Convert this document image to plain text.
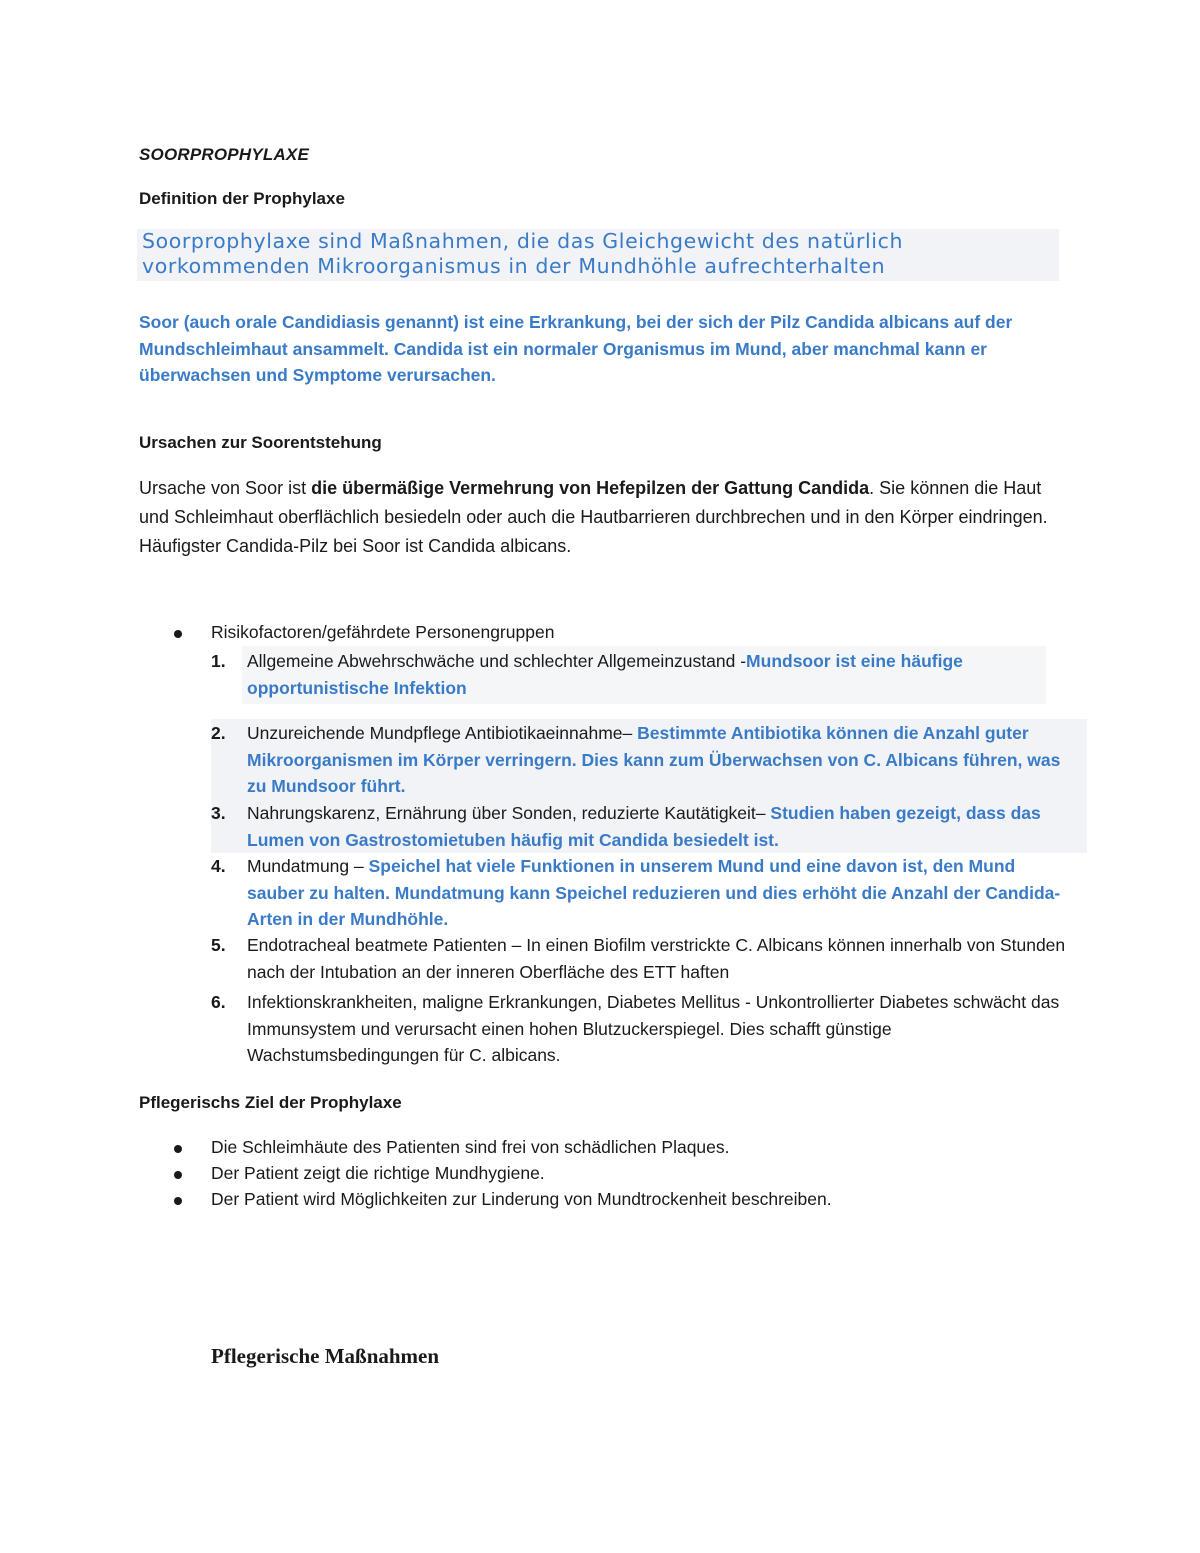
SOORPROPHYLAXE
Definition der Prophylaxe
Soorprophylaxe sind Maßnahmen, die das Gleichgewicht des natürlich vorkommenden Mikroorganismus in der Mundhöhle aufrechterhalten
Soor (auch orale Candidiasis genannt) ist eine Erkrankung, bei der sich der Pilz Candida albicans auf der Mundschleimhaut ansammelt. Candida ist ein normaler Organismus im Mund, aber manchmal kann er überwachsen und Symptome verursachen.
Ursachen zur Soorentstehung
Ursache von Soor ist die übermäßige Vermehrung von Hefepilzen der Gattung Candida. Sie können die Haut und Schleimhaut oberflächlich besiedeln oder auch die Hautbarrieren durchbrechen und in den Körper eindringen. Häufigster Candida-Pilz bei Soor ist Candida albicans.
Risikofactoren/gefährdete Personengruppen
1.	Allgemeine Abwehrschwäche und schlechter Allgemeinzustand -Mundsoor ist eine häufige opportunistische Infektion
2.	Unzureichende Mundpflege Antibiotikaeinnahme– Bestimmte Antibiotika können die Anzahl guter Mikroorganismen im Körper verringern. Dies kann zum Überwachsen von C. Albicans führen, was zu Mundsoor führt.
3.	Nahrungskarenz, Ernährung über Sonden, reduzierte Kautätigkeit– Studien haben gezeigt, dass das Lumen von Gastrostomietuben häufig mit Candida besiedelt ist.
4.	Mundatmung – Speichel hat viele Funktionen in unserem Mund und eine davon ist, den Mund sauber zu halten. Mundatmung kann Speichel reduzieren und dies erhöht die Anzahl der Candida-Arten in der Mundhöhle.
5.	Endotracheal beatmete Patienten – In einen Biofilm verstrickte C. Albicans können innerhalb von Stunden nach der Intubation an der inneren Oberfläche des ETT haften
6.	Infektionskrankheiten, maligne Erkrankungen, Diabetes Mellitus - Unkontrollierter Diabetes schwächt das Immunsystem und verursacht einen hohen Blutzuckerspiegel. Dies schafft günstige Wachstumsbedingungen für C. albicans.
Pflegerischs Ziel der Prophylaxe
Die Schleimhäute des Patienten sind frei von schädlichen Plaques.
Der Patient zeigt die richtige Mundhygiene.
Der Patient wird Möglichkeiten zur Linderung von Mundtrockenheit beschreiben.
Pflegerische Maßnahmen
